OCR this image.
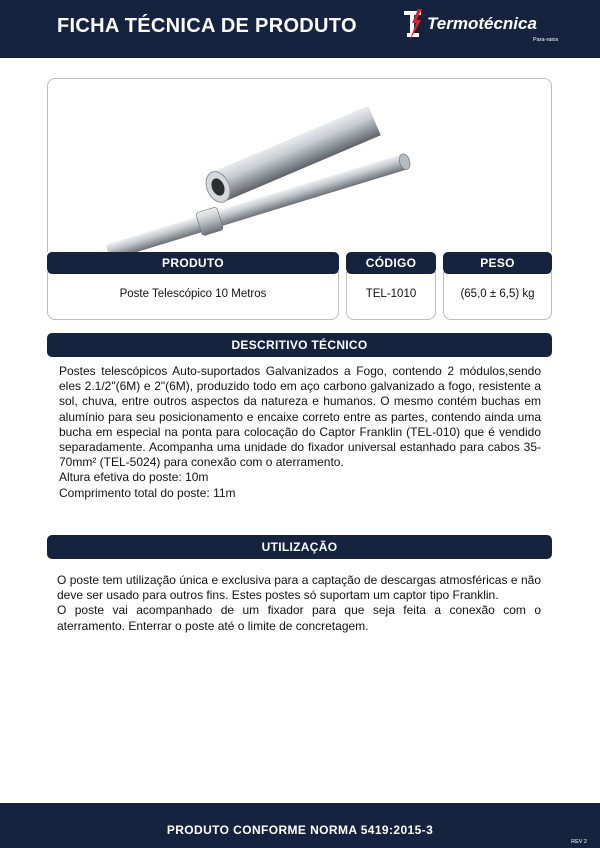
FICHA TÉCNICA DE PRODUTO	Termotécnica
Para-raios
PRODUTO	CÓDIGO	PESO
Poste Telescópico 10 Metros	TEL-1010	(65,0 ± 6,5) kg
DESCRITIVO TÉCNICO

Postes telescópicos Auto-suportados Galvanizados a Fogo, contendo 2 módulos,sendo eles 2.1/2"(6M) e 2"(6M), produzido todo em aço carbono galvanizado a fogo, resistente a sol, chuva, entre outros aspectos da natureza e humanos. O mesmo contém buchas em alumínio para seu posicionamento e encaixe correto entre as partes, contendo ainda uma bucha em especial na ponta para colocação do Captor Franklin (TEL-010) que é vendido separadamente. Acompanha uma unidade do fixador universal estanhado para cabos 35-70mm² (TEL-5024) para conexão com o aterramento.

Altura efetiva do poste: 10m

Comprimento total do poste: 11m

UTILIZAÇÃO

O poste tem utilização única e exclusiva para a captação de descargas atmosféricas e não deve ser usado para outros fins. Estes postes só suportam um captor tipo Franklin.

O poste vai acompanhado de um fixador para que seja feita a conexão com o aterramento. Enterrar o poste até o limite de concretagem.

PRODUTO CONFORME NORMA 5419:2015-3
REV 2
